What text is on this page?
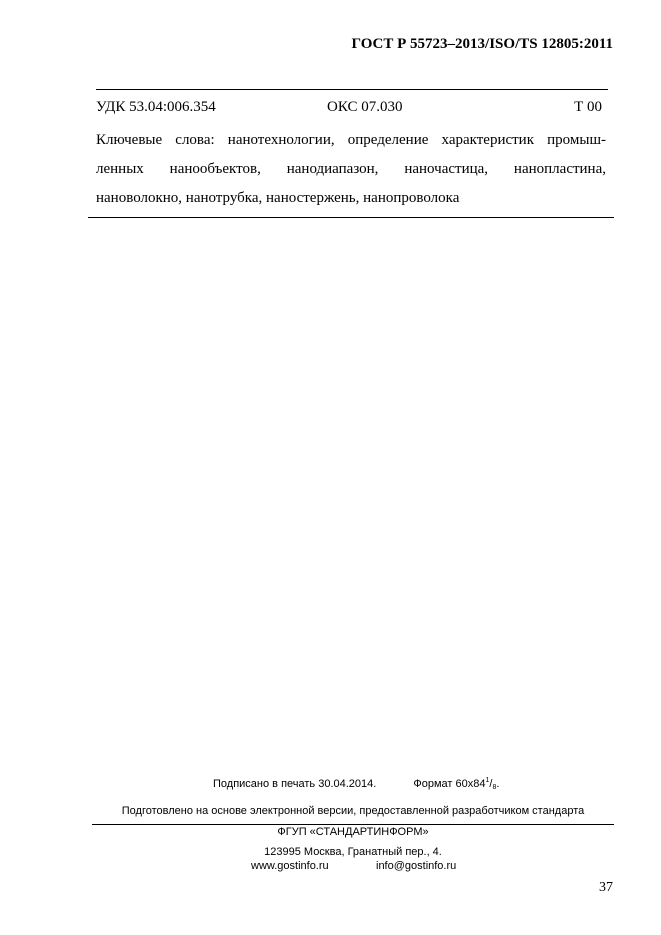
ГОСТ Р 55723–2013/ISO/TS 12805:2011
УДК 53.04:006.354	ОКС 07.030	Т 00

Ключевые слова: нанотехнологии, определение характеристик промыш-ленных нанообъектов, нанодиапазон, наночастица, нанопластина, нановолокно, нанотрубка, наностержень, нанопроволока

Подписано в печать 30.04.2014.	Формат $60х84^1/_8$.
Подготовлено на основе электронной версии, предоставленной разработчиком стандарта
ФГУП «СТАНДАРТИНФОРМ»
123995 Москва, Гранатный пер., 4.
www.gostinfo.ru	info@gostinfo.ru
37
